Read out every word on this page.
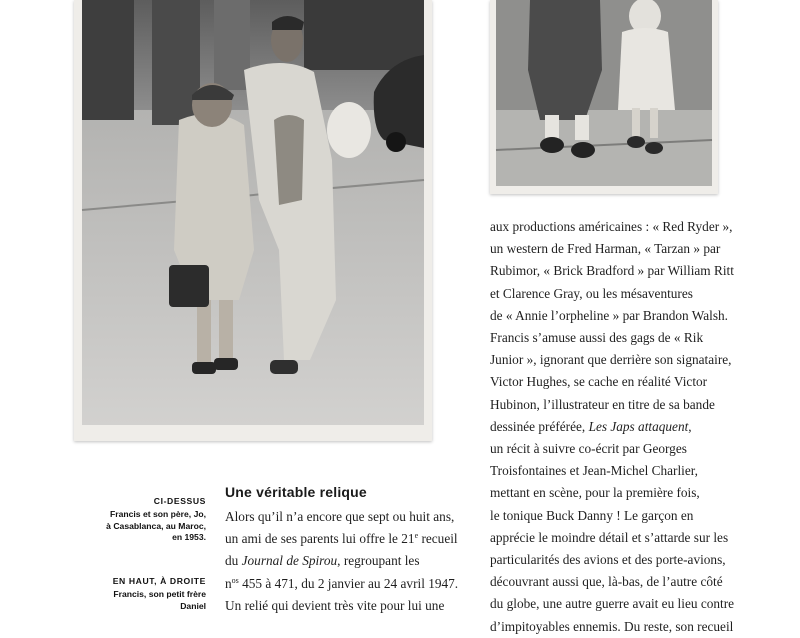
CI-DESSUS
Francis et son père, Jo,
à Casablanca, au Maroc,
en 1953.
EN HAUT, À DROITE
Francis, son petit frère Daniel
Une véritable relique
Alors qu’il n’a encore que sept ou huit ans,
un ami de ses parents lui offre le 21e recueil
du Journal de Spirou, regroupant les
$n^{os}$ 455 à 471, du 2 janvier au 24 avril 1947.
Un relié qui devient très vite pour lui une
aux productions américaines : « Red Ryder »,
un western de Fred Harman, « Tarzan » par
Rubimor, « Brick Bradford » par William Ritt
et Clarence Gray, ou les mésaventures
de « Annie l’orpheline » par Brandon Walsh.
Francis s’amuse aussi des gags de « Rik
Junior », ignorant que derrière son signataire,
Victor Hughes, se cache en réalité Victor
Hubinon, l’illustrateur en titre de sa bande
dessinée préférée, Les Japs attaquent,
un récit à suivre co-écrit par Georges
Troisfontaines et Jean-Michel Charlier,
mettant en scène, pour la première fois,
le tonique Buck Danny ! Le garçon en
apprécie le moindre détail et s’attarde sur les
particularités des avions et des porte-avions,
découvrant aussi que, là-bas, de l’autre côté
du globe, une autre guerre avait eu lieu contre
d’impitoyables ennemis. Du reste, son recueil
